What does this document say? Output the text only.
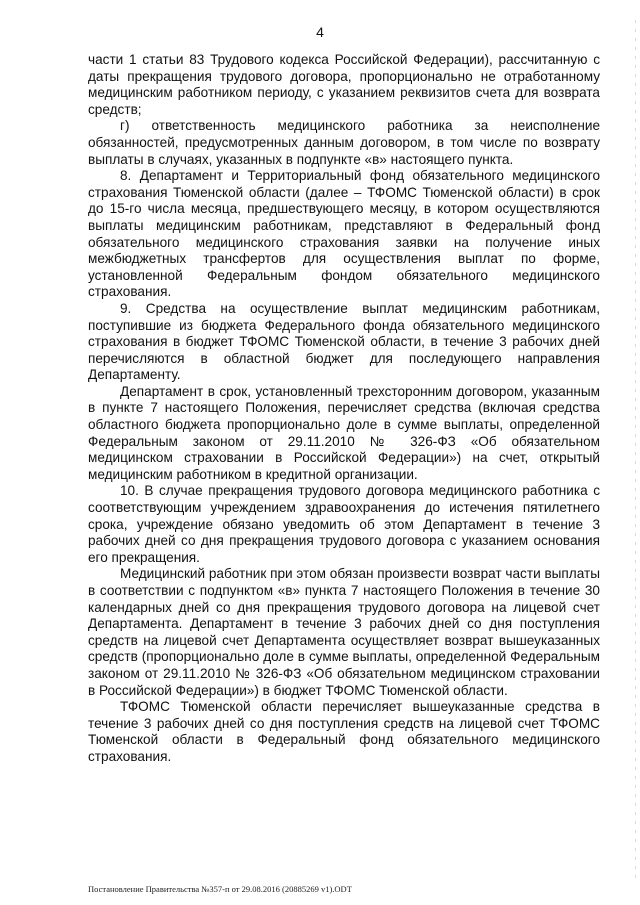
4

части 1 статьи 83 Трудового кодекса Российской Федерации), рассчитанную с даты прекращения трудового договора, пропорционально не отработанному медицинским работником периоду, с указанием реквизитов счета для возврата средств;

г) ответственность медицинского работника за неисполнение обязанностей, предусмотренных данным договором, в том числе по возврату выплаты в случаях, указанных в подпункте «в» настоящего пункта.

8. Департамент и Территориальный фонд обязательного медицинского страхования Тюменской области (далее – ТФОМС Тюменской области) в срок до 15-го числа месяца, предшествующего месяцу, в котором осуществляются выплаты медицинским работникам, представляют в Федеральный фонд обязательного медицинского страхования заявки на получение иных межбюджетных трансфертов для осуществления выплат по форме, установленной Федеральным фондом обязательного медицинского страхования.

9. Средства на осуществление выплат медицинским работникам, поступившие из бюджета Федерального фонда обязательного медицинского страхования в бюджет ТФОМС Тюменской области, в течение 3 рабочих дней перечисляются в областной бюджет для последующего направления Департаменту.

Департамент в срок, установленный трехсторонним договором, указанным в пункте 7 настоящего Положения, перечисляет средства (включая средства областного бюджета пропорционально доле в сумме выплаты, определенной Федеральным законом от 29.11.2010 № 326-ФЗ «Об обязательном медицинском страховании в Российской Федерации») на счет, открытый медицинским работником в кредитной организации.

10. В случае прекращения трудового договора медицинского работника с соответствующим учреждением здравоохранения до истечения пятилетнего срока, учреждение обязано уведомить об этом Департамент в течение 3 рабочих дней со дня прекращения трудового договора с указанием основания его прекращения.

Медицинский работник при этом обязан произвести возврат части выплаты в соответствии с подпунктом «в» пункта 7 настоящего Положения в течение 30 календарных дней со дня прекращения трудового договора на лицевой счет Департамента. Департамент в течение 3 рабочих дней со дня поступления средств на лицевой счет Департамента осуществляет возврат вышеуказанных средств (пропорционально доле в сумме выплаты, определенной Федеральным законом от 29.11.2010 № 326-ФЗ «Об обязательном медицинском страховании в Российской Федерации») в бюджет ТФОМС Тюменской области.

ТФОМС Тюменской области перечисляет вышеуказанные средства в течение 3 рабочих дней со дня поступления средств на лицевой счет ТФОМС Тюменской области в Федеральный фонд обязательного медицинского страхования.

Постановление Правительства №357-п от 29.08.2016 (20885269 v1).ODT
